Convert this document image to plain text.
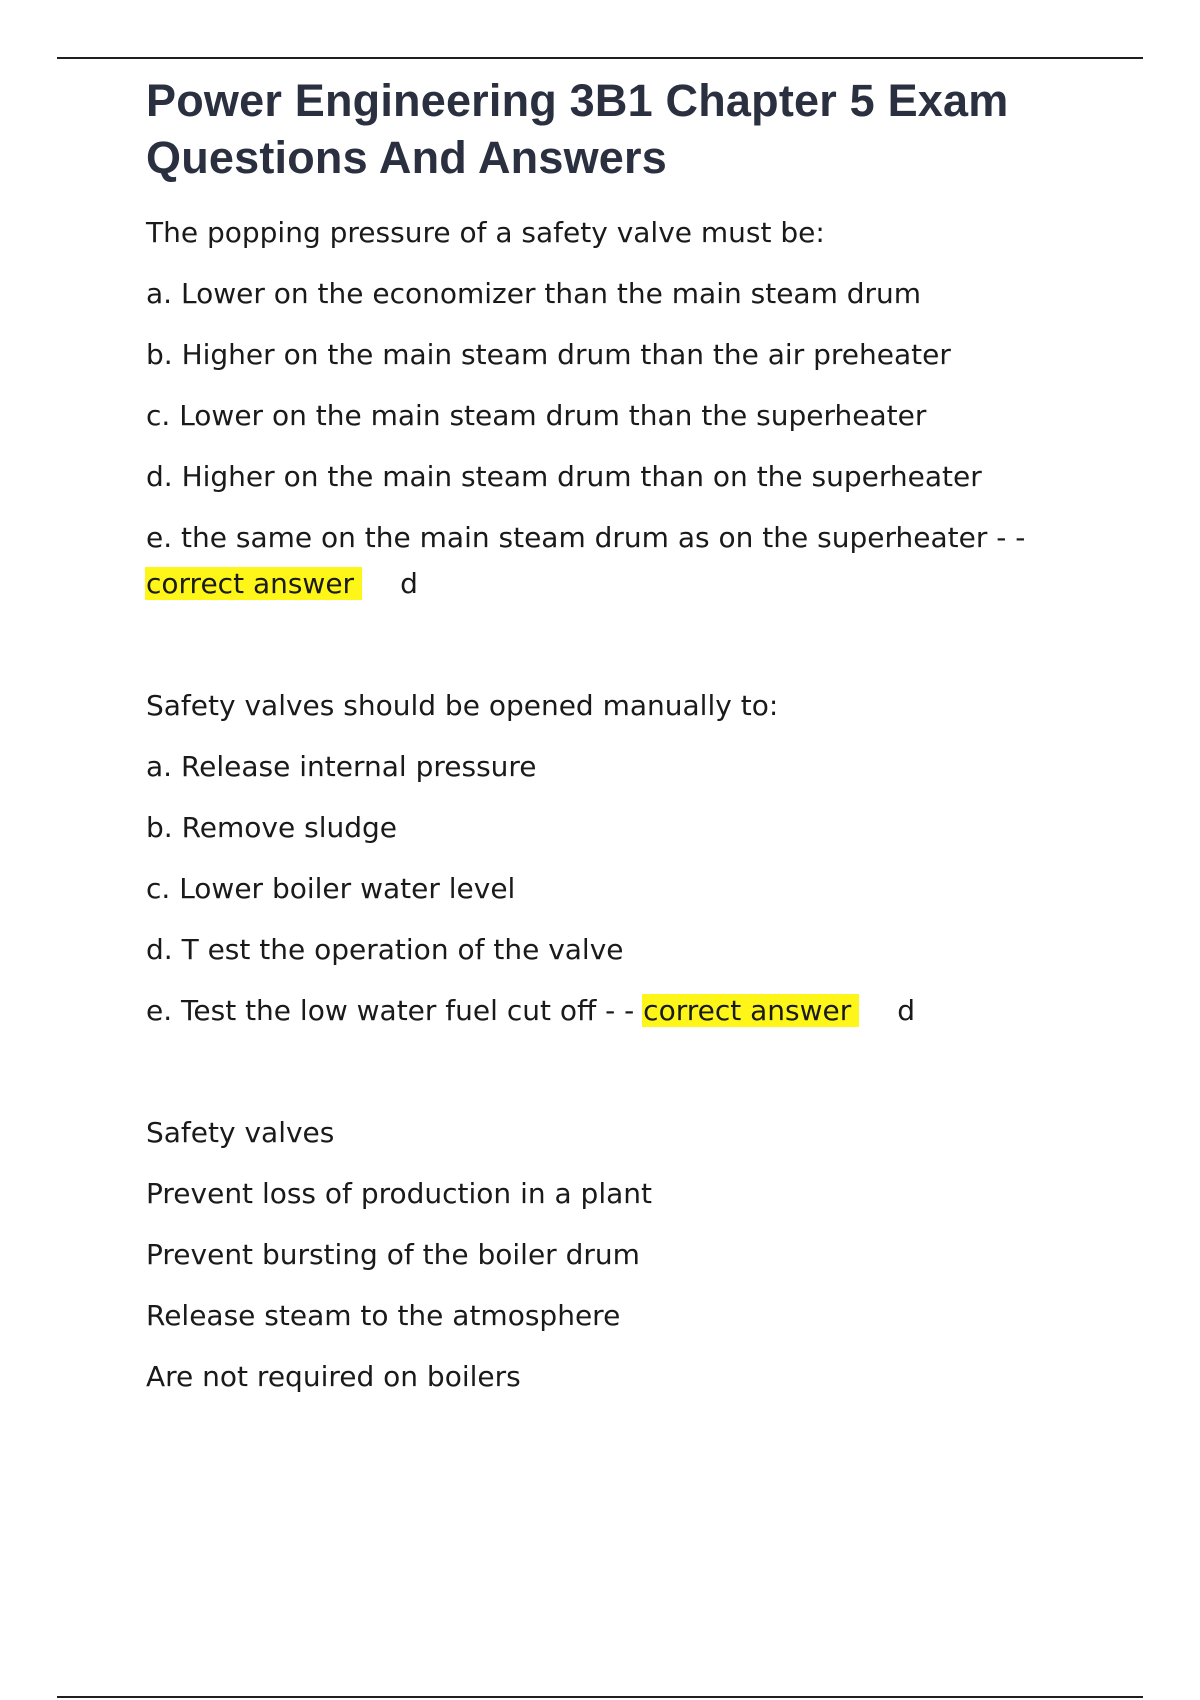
Power Engineering 3B1 Chapter 5 Exam Questions And Answers

The popping pressure of a safety valve must be:

a. Lower on the economizer than the main steam drum

b. Higher on the main steam drum than the air preheater

c. Lower on the main steam drum than the superheater

d. Higher on the main steam drum than on the superheater

e. the same on the main steam drum as on the superheater - -

correct answer d

Safety valves should be opened manually to:

a. Release internal pressure

b. Remove sludge

c. Lower boiler water level

d. T est the operation of the valve

e. Test the low water fuel cut off - - correct answer d

Safety valves

Prevent loss of production in a plant

Prevent bursting of the boiler drum

Release steam to the atmosphere

Are not required on boilers
